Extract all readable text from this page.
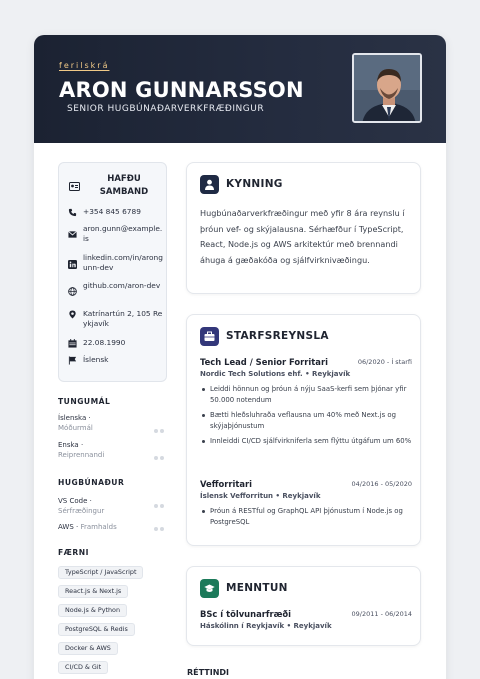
ferilskrá
ARON GUNNARSSON
SENIOR HUGBÚNAÐARVERKFRÆÐINGUR
HAFÐU SAMBAND
+354 845 6789
aron.gunn@example.is
linkedin.com/in/arongunn-dev
github.com/aron-dev
Katrínartún 2, 105 Reykjavík
22.08.1990
Íslensk
TUNGUMÁL
Íslenska ·
Móðurmál
Enska ·
Reiprennandi
HUGBÚNAÐUR
VS Code ·
Sérfræðingur
AWS · Framhalds
FÆRNI
TypeScript / JavaScript
React.js & Next.js
Node.js & Python
PostgreSQL & Redis
Docker & AWS
CI/CD & Git
KYNNING
Hugbúnaðarverkfræðingur með yfir 8 ára reynslu í þróun vef- og skýjalausna. Sérhæfður í TypeScript, React, Node.js og AWS arkitektúr með brennandi áhuga á gæðakóða og sjálfvirknivæðingu.
STARFSREYNSLA
Tech Lead / Senior Forritari	06/2020 - Í starfi
Nordic Tech Solutions ehf. • Reykjavík
Leiddi hönnun og þróun á nýju SaaS-kerfi sem þjónar yfir 50.000 notendum
Bætti hleðsluhraða veflausna um 40% með Next.js og skýjaþjónustum
Innleiddi CI/CD sjálfvirkniferla sem flýttu útgáfum um 60%
Vefforritari	04/2016 - 05/2020
Íslensk Vefforritun • Reykjavík
Þróun á RESTful og GraphQL API þjónustum í Node.js og PostgreSQL
MENNTUN
BSc í tölvunarfræði	09/2011 - 06/2014
Háskólinn í Reykjavík • Reykjavík
RÉTTINDI
